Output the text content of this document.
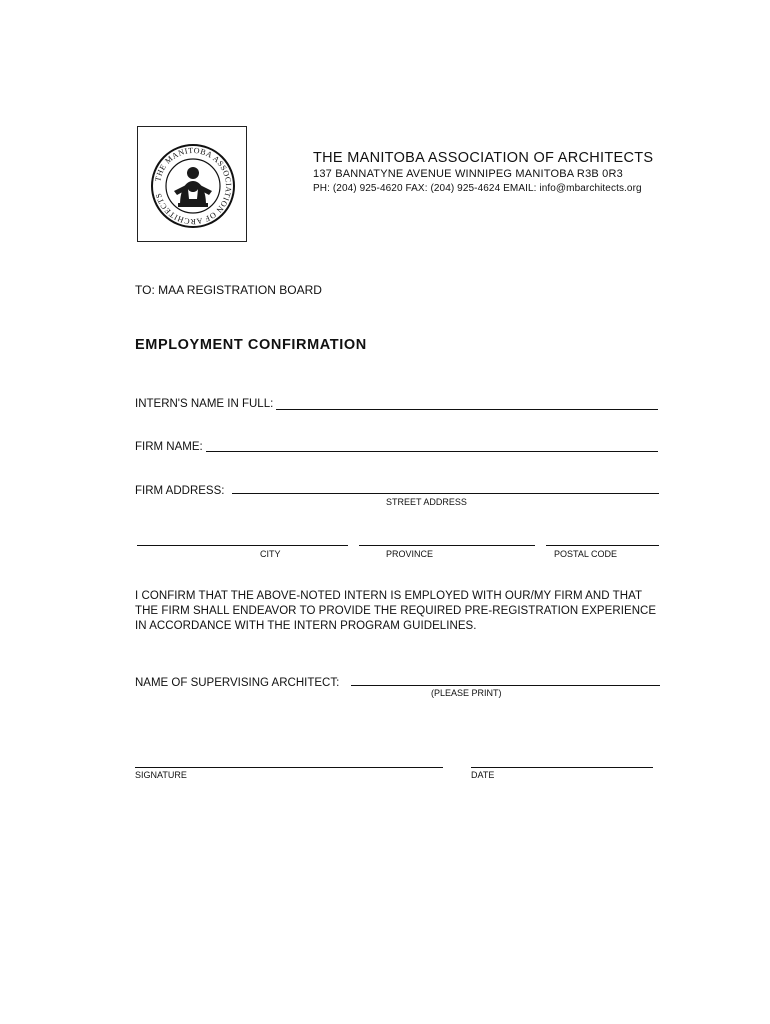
THE MANITOBA ASSOCIATION OF ARCHITECTS
THE MANITOBA ASSOCIATION OF ARCHITECTS
137 BANNATYNE AVENUE WINNIPEG MANITOBA R3B 0R3
PH: (204) 925-4620 FAX: (204) 925-4624 EMAIL: info@mbarchitects.org
TO: MAA REGISTRATION BOARD
EMPLOYMENT CONFIRMATION
INTERN'S NAME IN FULL:
FIRM NAME:
FIRM ADDRESS:
STREET ADDRESS
CITY	PROVINCE	POSTAL CODE
I CONFIRM THAT THE ABOVE-NOTED INTERN IS EMPLOYED WITH OUR/MY FIRM AND THAT THE FIRM SHALL ENDEAVOR TO PROVIDE THE REQUIRED PRE-REGISTRATION EXPERIENCE IN ACCORDANCE WITH THE INTERN PROGRAM GUIDELINES.
NAME OF SUPERVISING ARCHITECT:
(PLEASE PRINT)
SIGNATURE	DATE
